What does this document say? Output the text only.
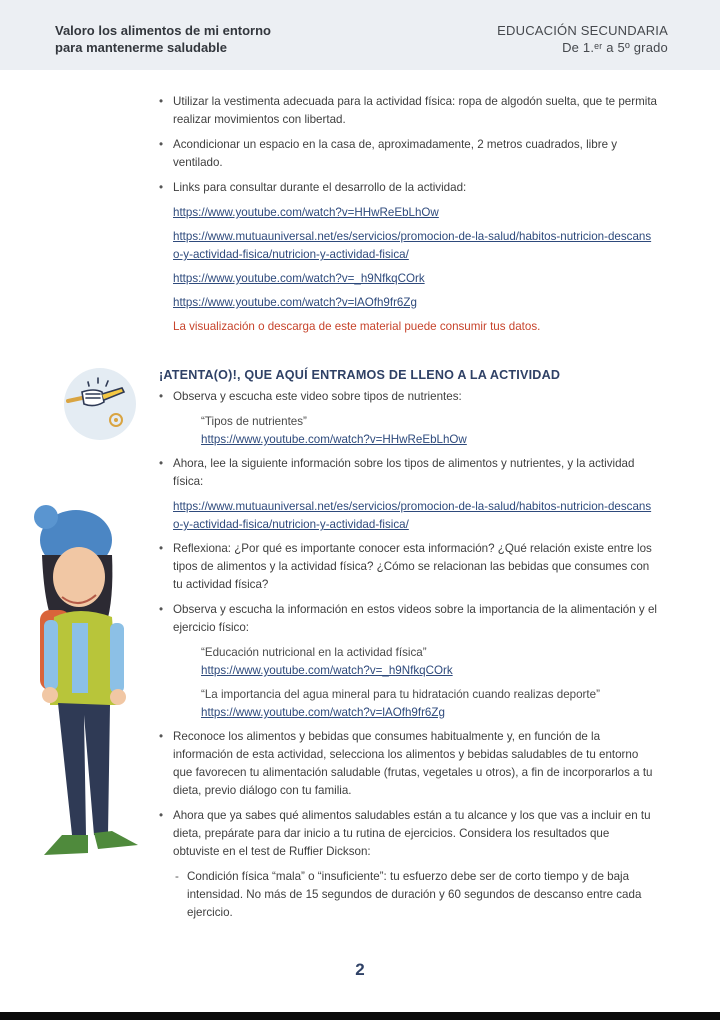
Valoro los alimentos de mi entorno
para mantenerme saludable
EDUCACIÓN SECUNDARIA
De 1.ᵉʳ a 5º grado
• Utilizar la vestimenta adecuada para la actividad física: ropa de algodón suelta, que te permita realizar movimientos con libertad.
• Acondicionar un espacio en la casa de, aproximadamente, 2 metros cuadrados, libre y ventilado.
• Links para consultar durante el desarrollo de la actividad:
https://www.youtube.com/watch?v=HHwReEbLhOw
https://www.mutuauniversal.net/es/servicios/promocion-de-la-salud/habitos-nutricion-descanso-y-actividad-fisica/nutricion-y-actividad-fisica/
https://www.youtube.com/watch?v=_h9NfkqCOrk
https://www.youtube.com/watch?v=lAOfh9fr6Zg
La visualización o descarga de este material puede consumir tus datos.
¡ATENTA(O)!, QUE AQUÍ ENTRAMOS DE LLENO A LA ACTIVIDAD
• Observa y escucha este video sobre tipos de nutrientes:
“Tipos de nutrientes”
https://www.youtube.com/watch?v=HHwReEbLhOw
• Ahora, lee la siguiente información sobre los tipos de alimentos y nutrientes, y la actividad física:
https://www.mutuauniversal.net/es/servicios/promocion-de-la-salud/habitos-nutricion-descanso-y-actividad-fisica/nutricion-y-actividad-fisica/
• Reflexiona: ¿Por qué es importante conocer esta información? ¿Qué relación existe entre los tipos de alimentos y la actividad física? ¿Cómo se relacionan las bebidas que consumes con tu actividad física?
• Observa y escucha la información en estos videos sobre la importancia de la alimentación y el ejercicio físico:
“Educación nutricional en la actividad física”
https://www.youtube.com/watch?v=_h9NfkqCOrk
“La importancia del agua mineral para tu hidratación cuando realizas deporte”
https://www.youtube.com/watch?v=lAOfh9fr6Zg
• Reconoce los alimentos y bebidas que consumes habitualmente y, en función de la información de esta actividad, selecciona los alimentos y bebidas saludables de tu entorno que favorecen tu alimentación saludable (frutas, vegetales u otros), a fin de incorporarlos a tu dieta, previo diálogo con tu familia.
• Ahora que ya sabes qué alimentos saludables están a tu alcance y los que vas a incluir en tu dieta, prepárate para dar inicio a tu rutina de ejercicios. Considera los resultados que obtuviste en el test de Ruffier Dickson:
- Condición física “mala” o “insuficiente”: tu esfuerzo debe ser de corto tiempo y de baja intensidad. No más de 15 segundos de duración y 60 segundos de descanso entre cada ejercicio.
2
